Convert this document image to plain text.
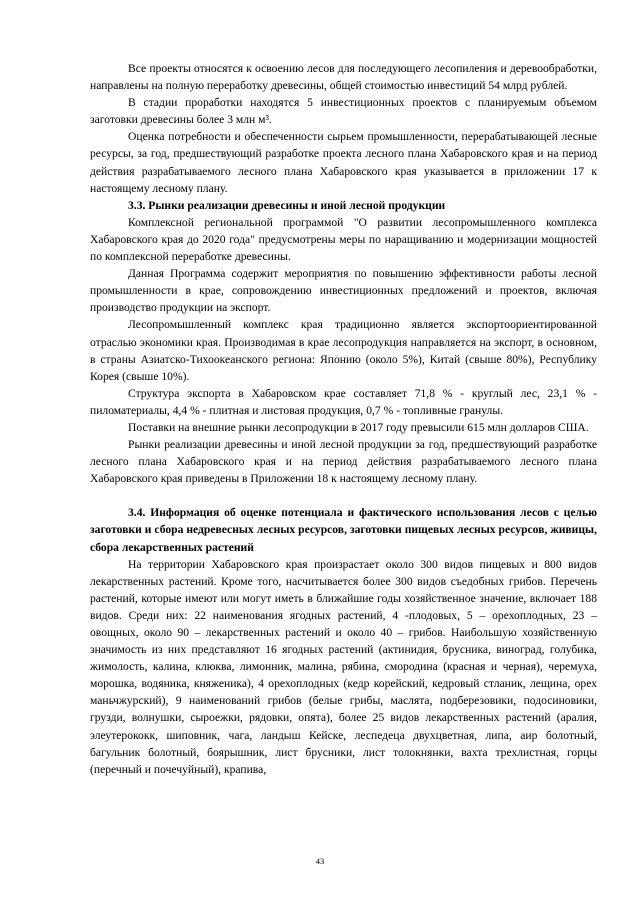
Все проекты относятся к освоению лесов для последующего лесопиления и деревообработки, направлены на полную переработку древесины, общей стоимостью инвестиций 54 млрд рублей.

В стадии проработки находятся 5 инвестиционных проектов с планируемым объемом заготовки древесины более 3 млн м³.

Оценка потребности и обеспеченности сырьем промышленности, перерабатывающей лесные ресурсы, за год, предшествующий разработке проекта лесного плана Хабаровского края и на период действия разрабатываемого лесного плана Хабаровского края указывается в приложении 17 к настоящему лесному плану.

3.3. Рынки реализации древесины и иной лесной продукции

Комплексной региональной программой "О развитии лесопромышленного комплекса Хабаровского края до 2020 года" предусмотрены меры по наращиванию и модернизации мощностей по комплексной переработке древесины.

Данная Программа содержит мероприятия по повышению эффективности работы лесной промышленности в крае, сопровождению инвестиционных предложений и проектов, включая производство продукции на экспорт.

Лесопромышленный комплекс края традиционно является экспортоориентированной отраслью экономики края. Производимая в крае лесопродукция направляется на экспорт, в основном, в страны Азиатско-Тихоокеанского региона: Японию (около 5%), Китай (свыше 80%), Республику Корея (свыше 10%).

Структура экспорта в Хабаровском крае составляет 71,8 % - круглый лес, 23,1 % - пиломатериалы, 4,4 % - плитная и листовая продукция, 0,7 % - топливные гранулы.

Поставки на внешние рынки лесопродукции в 2017 году превысили 615 млн долларов США.

Рынки реализации древесины и иной лесной продукции за год, предшествующий разработке лесного плана Хабаровского края и на период действия разрабатываемого лесного плана Хабаровского края приведены в Приложении 18 к настоящему лесному плану.

3.4. Информация об оценке потенциала и фактического использования лесов с целью заготовки и сбора недревесных лесных ресурсов, заготовки пищевых лесных ресурсов, живицы, сбора лекарственных растений

На территории Хабаровского края произрастает около 300 видов пищевых и 800 видов лекарственных растений. Кроме того, насчитывается более 300 видов съедобных грибов. Перечень растений, которые имеют или могут иметь в ближайшие годы хозяйственное значение, включает 188 видов. Среди них: 22 наименования ягодных растений, 4 -плодовых, 5 – орехоплодных, 23 – овощных, около 90 – лекарственных растений и около 40 – грибов. Наибольшую хозяйственную значимость из них представляют 16 ягодных растений (актинидия, брусника, виноград, голубика, жимолость, калина, клюква, лимонник, малина, рябина, смородина (красная и черная), черемуха, морошка, водяника, княженика), 4 орехоплодных (кедр корейский, кедровый стланик, лещина, орех маньчжурский), 9 наименований грибов (белые грибы, маслята, подберезовики, подосиновики, грузди, волнушки, сыроежки, рядовки, опята), более 25 видов лекарственных растений (аралия, элеутерококк, шиповник, чага, ландыш Кейске, леспедеца двухцветная, липа, аир болотный, багульник болотный, боярышник, лист брусники, лист толокнянки, вахта трехлистная, горцы (перечный и почечуйный), крапива,

43
